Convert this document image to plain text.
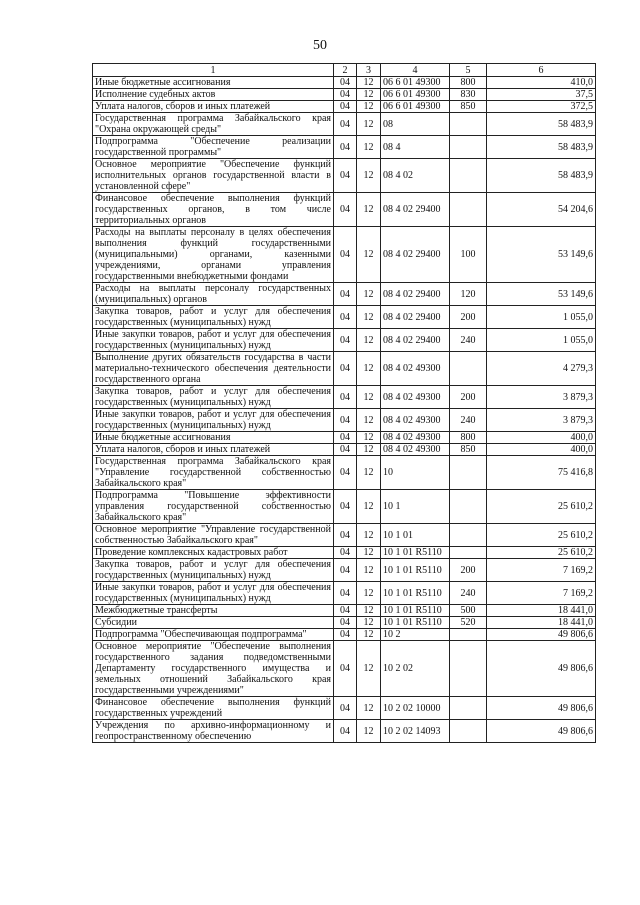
50
1	2	3	4	5	6
Иные бюджетные ассигнования	04	12	06 6 01 49300	800	410,0
Исполнение судебных актов	04	12	06 6 01 49300	830	37,5
Уплата налогов, сборов и иных платежей	04	12	06 6 01 49300	850	372,5
Государственная программа Забайкальского края "Охрана окружающей среды"	04	12	08		58 483,9
Подпрограмма "Обеспечение реализации государственной программы"	04	12	08 4		58 483,9
Основное мероприятие "Обеспечение функций исполнительных органов государственной власти в установленной сфере"	04	12	08 4 02		58 483,9
Финансовое обеспечение выполнения функций государственных органов, в том числе территориальных органов	04	12	08 4 02 29400		54 204,6
Расходы на выплаты персоналу в целях обеспечения выполнения функций государственными (муниципальными) органами, казенными учреждениями, органами управления государственными внебюджетными фондами	04	12	08 4 02 29400	100	53 149,6
Расходы на выплаты персоналу государственных (муниципальных) органов	04	12	08 4 02 29400	120	53 149,6
Закупка товаров, работ и услуг для обеспечения государственных (муниципальных) нужд	04	12	08 4 02 29400	200	1 055,0
Иные закупки товаров, работ и услуг для обеспечения государственных (муниципальных) нужд	04	12	08 4 02 29400	240	1 055,0
Выполнение других обязательств государства в части материально-технического обеспечения деятельности государственного органа	04	12	08 4 02 49300		4 279,3
Закупка товаров, работ и услуг для обеспечения государственных (муниципальных) нужд	04	12	08 4 02 49300	200	3 879,3
Иные закупки товаров, работ и услуг для обеспечения государственных (муниципальных) нужд	04	12	08 4 02 49300	240	3 879,3
Иные бюджетные ассигнования	04	12	08 4 02 49300	800	400,0
Уплата налогов, сборов и иных платежей	04	12	08 4 02 49300	850	400,0
Государственная программа Забайкальского края "Управление государственной собственностью Забайкальского края"	04	12	10		75 416,8
Подпрограмма "Повышение эффективности управления государственной собственностью Забайкальского края"	04	12	10 1		25 610,2
Основное мероприятие "Управление государственной собственностью Забайкальского края"	04	12	10 1 01		25 610,2
Проведение комплексных кадастровых работ	04	12	10 1 01 R5110		25 610,2
Закупка товаров, работ и услуг для обеспечения государственных (муниципальных) нужд	04	12	10 1 01 R5110	200	7 169,2
Иные закупки товаров, работ и услуг для обеспечения государственных (муниципальных) нужд	04	12	10 1 01 R5110	240	7 169,2
Межбюджетные трансферты	04	12	10 1 01 R5110	500	18 441,0
Субсидии	04	12	10 1 01 R5110	520	18 441,0
Подпрограмма "Обеспечивающая подпрограмма"	04	12	10 2		49 806,6
Основное мероприятие "Обеспечение выполнения государственного задания подведомственными Департаменту государственного имущества и земельных отношений Забайкальского края государственными учреждениями"	04	12	10 2 02		49 806,6
Финансовое обеспечение выполнения функций государственных учреждений	04	12	10 2 02 10000		49 806,6
Учреждения по архивно-информационному и геопространственному обеспечению	04	12	10 2 02 14093		49 806,6
